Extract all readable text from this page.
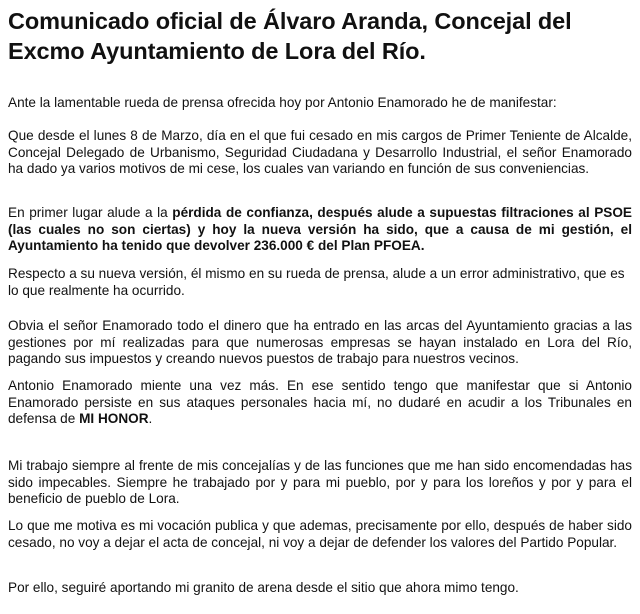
Comunicado oficial de Álvaro Aranda, Concejal del
Excmo Ayuntamiento de Lora del Río.

Ante la lamentable rueda de prensa ofrecida hoy por Antonio Enamorado he de manifestar:

Que desde el lunes 8 de Marzo, día en el que fui cesado en mis cargos de Primer Teniente de Alcalde, Concejal Delegado de Urbanismo, Seguridad Ciudadana y Desarrollo Industrial, el señor Enamorado ha dado ya varios motivos de mi cese, los cuales van variando en función de sus conveniencias.

En primer lugar alude a la pérdida de confianza, después alude a supuestas filtraciones al PSOE (las cuales no son ciertas) y hoy la nueva versión ha sido, que a causa de mi gestión, el Ayuntamiento ha tenido que devolver 236.000 € del Plan PFOEA.

Respecto a su nueva versión, él mismo en su rueda de prensa, alude a un error administrativo, que es lo que realmente ha ocurrido.

Obvia el señor Enamorado todo el dinero que ha entrado en las arcas del Ayuntamiento gracias a las gestiones por mí realizadas para que numerosas empresas se hayan instalado en Lora del Río, pagando sus impuestos y creando nuevos puestos de trabajo para nuestros vecinos.

Antonio Enamorado miente una vez más. En ese sentido tengo que manifestar que si Antonio Enamorado persiste en sus ataques personales hacia mí, no dudaré en acudir a los Tribunales en defensa de MI HONOR.

Mi trabajo siempre al frente de mis concejalías y de las funciones que me han sido encomendadas has sido impecables. Siempre he trabajado por y para mi pueblo, por y para los loreños y por y para el beneficio de pueblo de Lora.

Lo que me motiva es mi vocación publica y que ademas, precisamente por ello, después de haber sido cesado, no voy a dejar el acta de concejal, ni voy a dejar de defender los valores del Partido Popular.

Por ello, seguiré aportando mi granito de arena desde el sitio que ahora mimo tengo.
